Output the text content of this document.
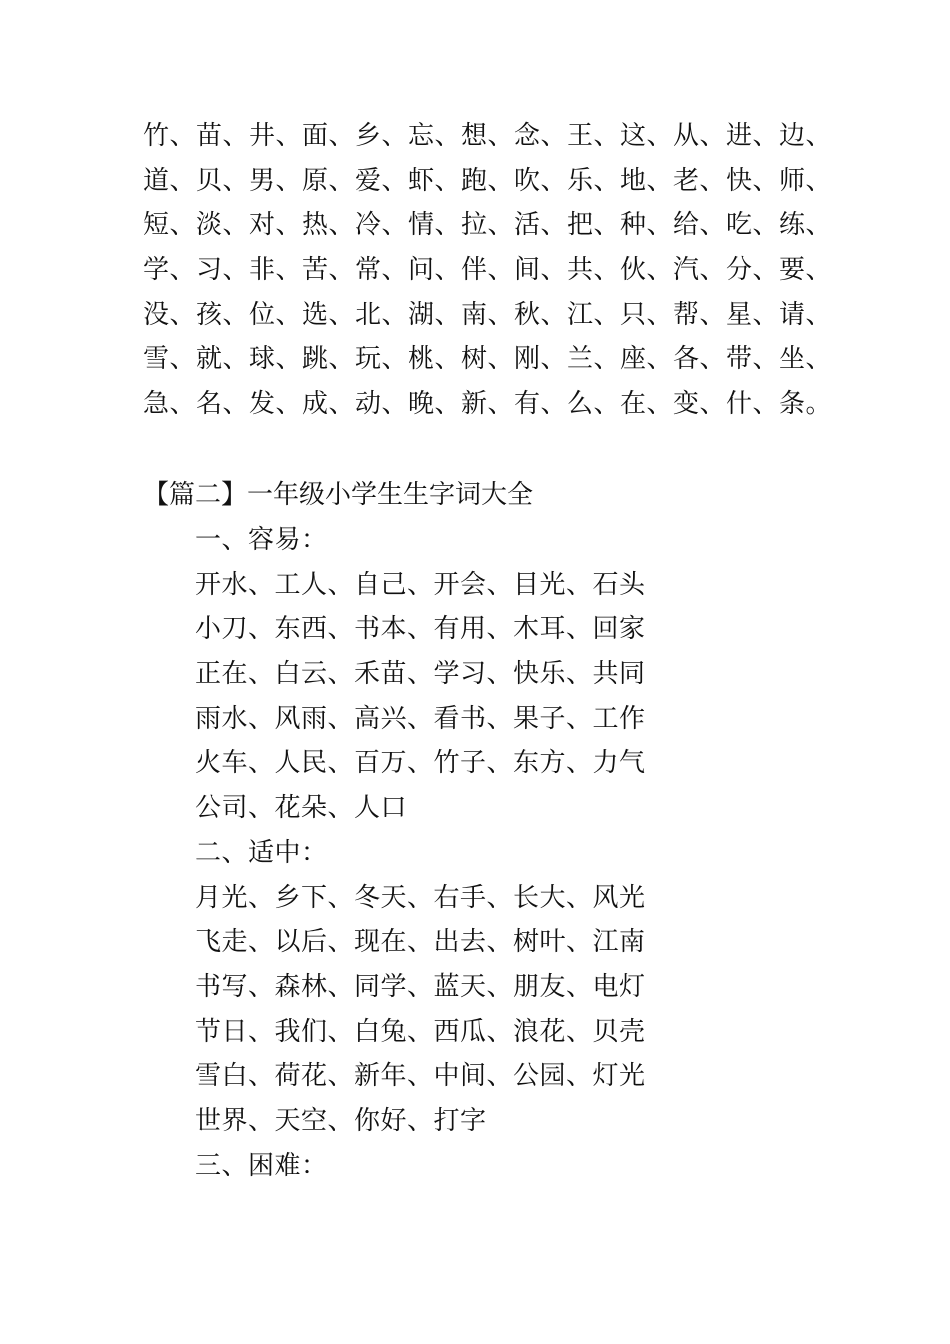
竹、苗、井、面、乡、忘、想、念、王、这、从、进、边、
道、贝、男、原、爱、虾、跑、吹、乐、地、老、快、师、
短、淡、对、热、冷、情、拉、活、把、种、给、吃、练、
学、习、非、苦、常、问、伴、间、共、伙、汽、分、要、
没、孩、位、选、北、湖、南、秋、江、只、帮、星、请、
雪、就、球、跳、玩、桃、树、刚、兰、座、各、带、坐、
急、名、发、成、动、晚、新、有、么、在、变、什、条。
【篇二】一年级小学生生字词大全
一、容易：
开水、工人、自己、开会、目光、石头
小刀、东西、书本、有用、木耳、回家
正在、白云、禾苗、学习、快乐、共同
雨水、风雨、高兴、看书、果子、工作
火车、人民、百万、竹子、东方、力气
公司、花朵、人口
二、适中：
月光、乡下、冬天、右手、长大、风光
飞走、以后、现在、出去、树叶、江南
书写、森林、同学、蓝天、朋友、电灯
节日、我们、白兔、西瓜、浪花、贝壳
雪白、荷花、新年、中间、公园、灯光
世界、天空、你好、打字
三、困难：
